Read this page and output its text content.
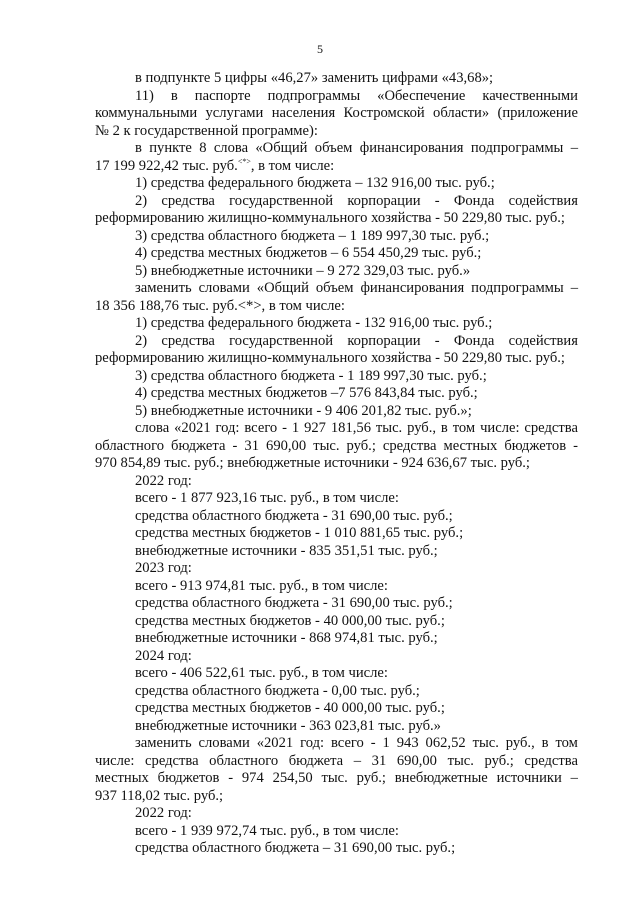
5
в подпункте 5 цифры «46,27» заменить цифрами «43,68»;
11) в паспорте подпрограммы «Обеспечение качественными
коммунальными услугами населения Костромской области» (приложение
№ 2 к государственной программе):
в пункте 8 слова «Общий объем финансирования подпрограммы –
17 199 922,42 тыс. руб.<*>, в том числе:
1) средства федерального бюджета – 132 916,00 тыс. руб.;
2) средства государственной корпорации - Фонда содействия
реформированию жилищно-коммунального хозяйства - 50 229,80 тыс. руб.;
3) средства областного бюджета – 1 189 997,30 тыс. руб.;
4) средства местных бюджетов – 6 554 450,29 тыс. руб.;
5) внебюджетные источники – 9 272 329,03 тыс. руб.»
заменить словами «Общий объем финансирования подпрограммы –
18 356 188,76 тыс. руб.<*>, в том числе:
1) средства федерального бюджета - 132 916,00 тыс. руб.;
2) средства государственной корпорации - Фонда содействия
реформированию жилищно-коммунального хозяйства - 50 229,80 тыс. руб.;
3) средства областного бюджета - 1 189 997,30 тыс. руб.;
4) средства местных бюджетов –7 576 843,84 тыс. руб.;
5) внебюджетные источники - 9 406 201,82 тыс. руб.»;
слова «2021 год: всего - 1 927 181,56 тыс. руб., в том числе: средства
областного бюджета - 31 690,00 тыс. руб.; средства местных бюджетов -
970 854,89 тыс. руб.; внебюджетные источники - 924 636,67 тыс. руб.;
2022 год:
всего - 1 877 923,16 тыс. руб., в том числе:
средства областного бюджета - 31 690,00 тыс. руб.;
средства местных бюджетов - 1 010 881,65 тыс. руб.;
внебюджетные источники - 835 351,51 тыс. руб.;
2023 год:
всего - 913 974,81 тыс. руб., в том числе:
средства областного бюджета - 31 690,00 тыс. руб.;
средства местных бюджетов - 40 000,00 тыс. руб.;
внебюджетные источники - 868 974,81 тыс. руб.;
2024 год:
всего - 406 522,61 тыс. руб., в том числе:
средства областного бюджета - 0,00 тыс. руб.;
средства местных бюджетов - 40 000,00 тыс. руб.;
внебюджетные источники - 363 023,81 тыс. руб.»
заменить словами «2021 год: всего - 1 943 062,52 тыс. руб., в том
числе: средства областного бюджета – 31 690,00 тыс. руб.; средства
местных бюджетов - 974 254,50 тыс. руб.; внебюджетные источники –
937 118,02 тыс. руб.;
2022 год:
всего - 1 939 972,74 тыс. руб., в том числе:
средства областного бюджета – 31 690,00 тыс. руб.;
